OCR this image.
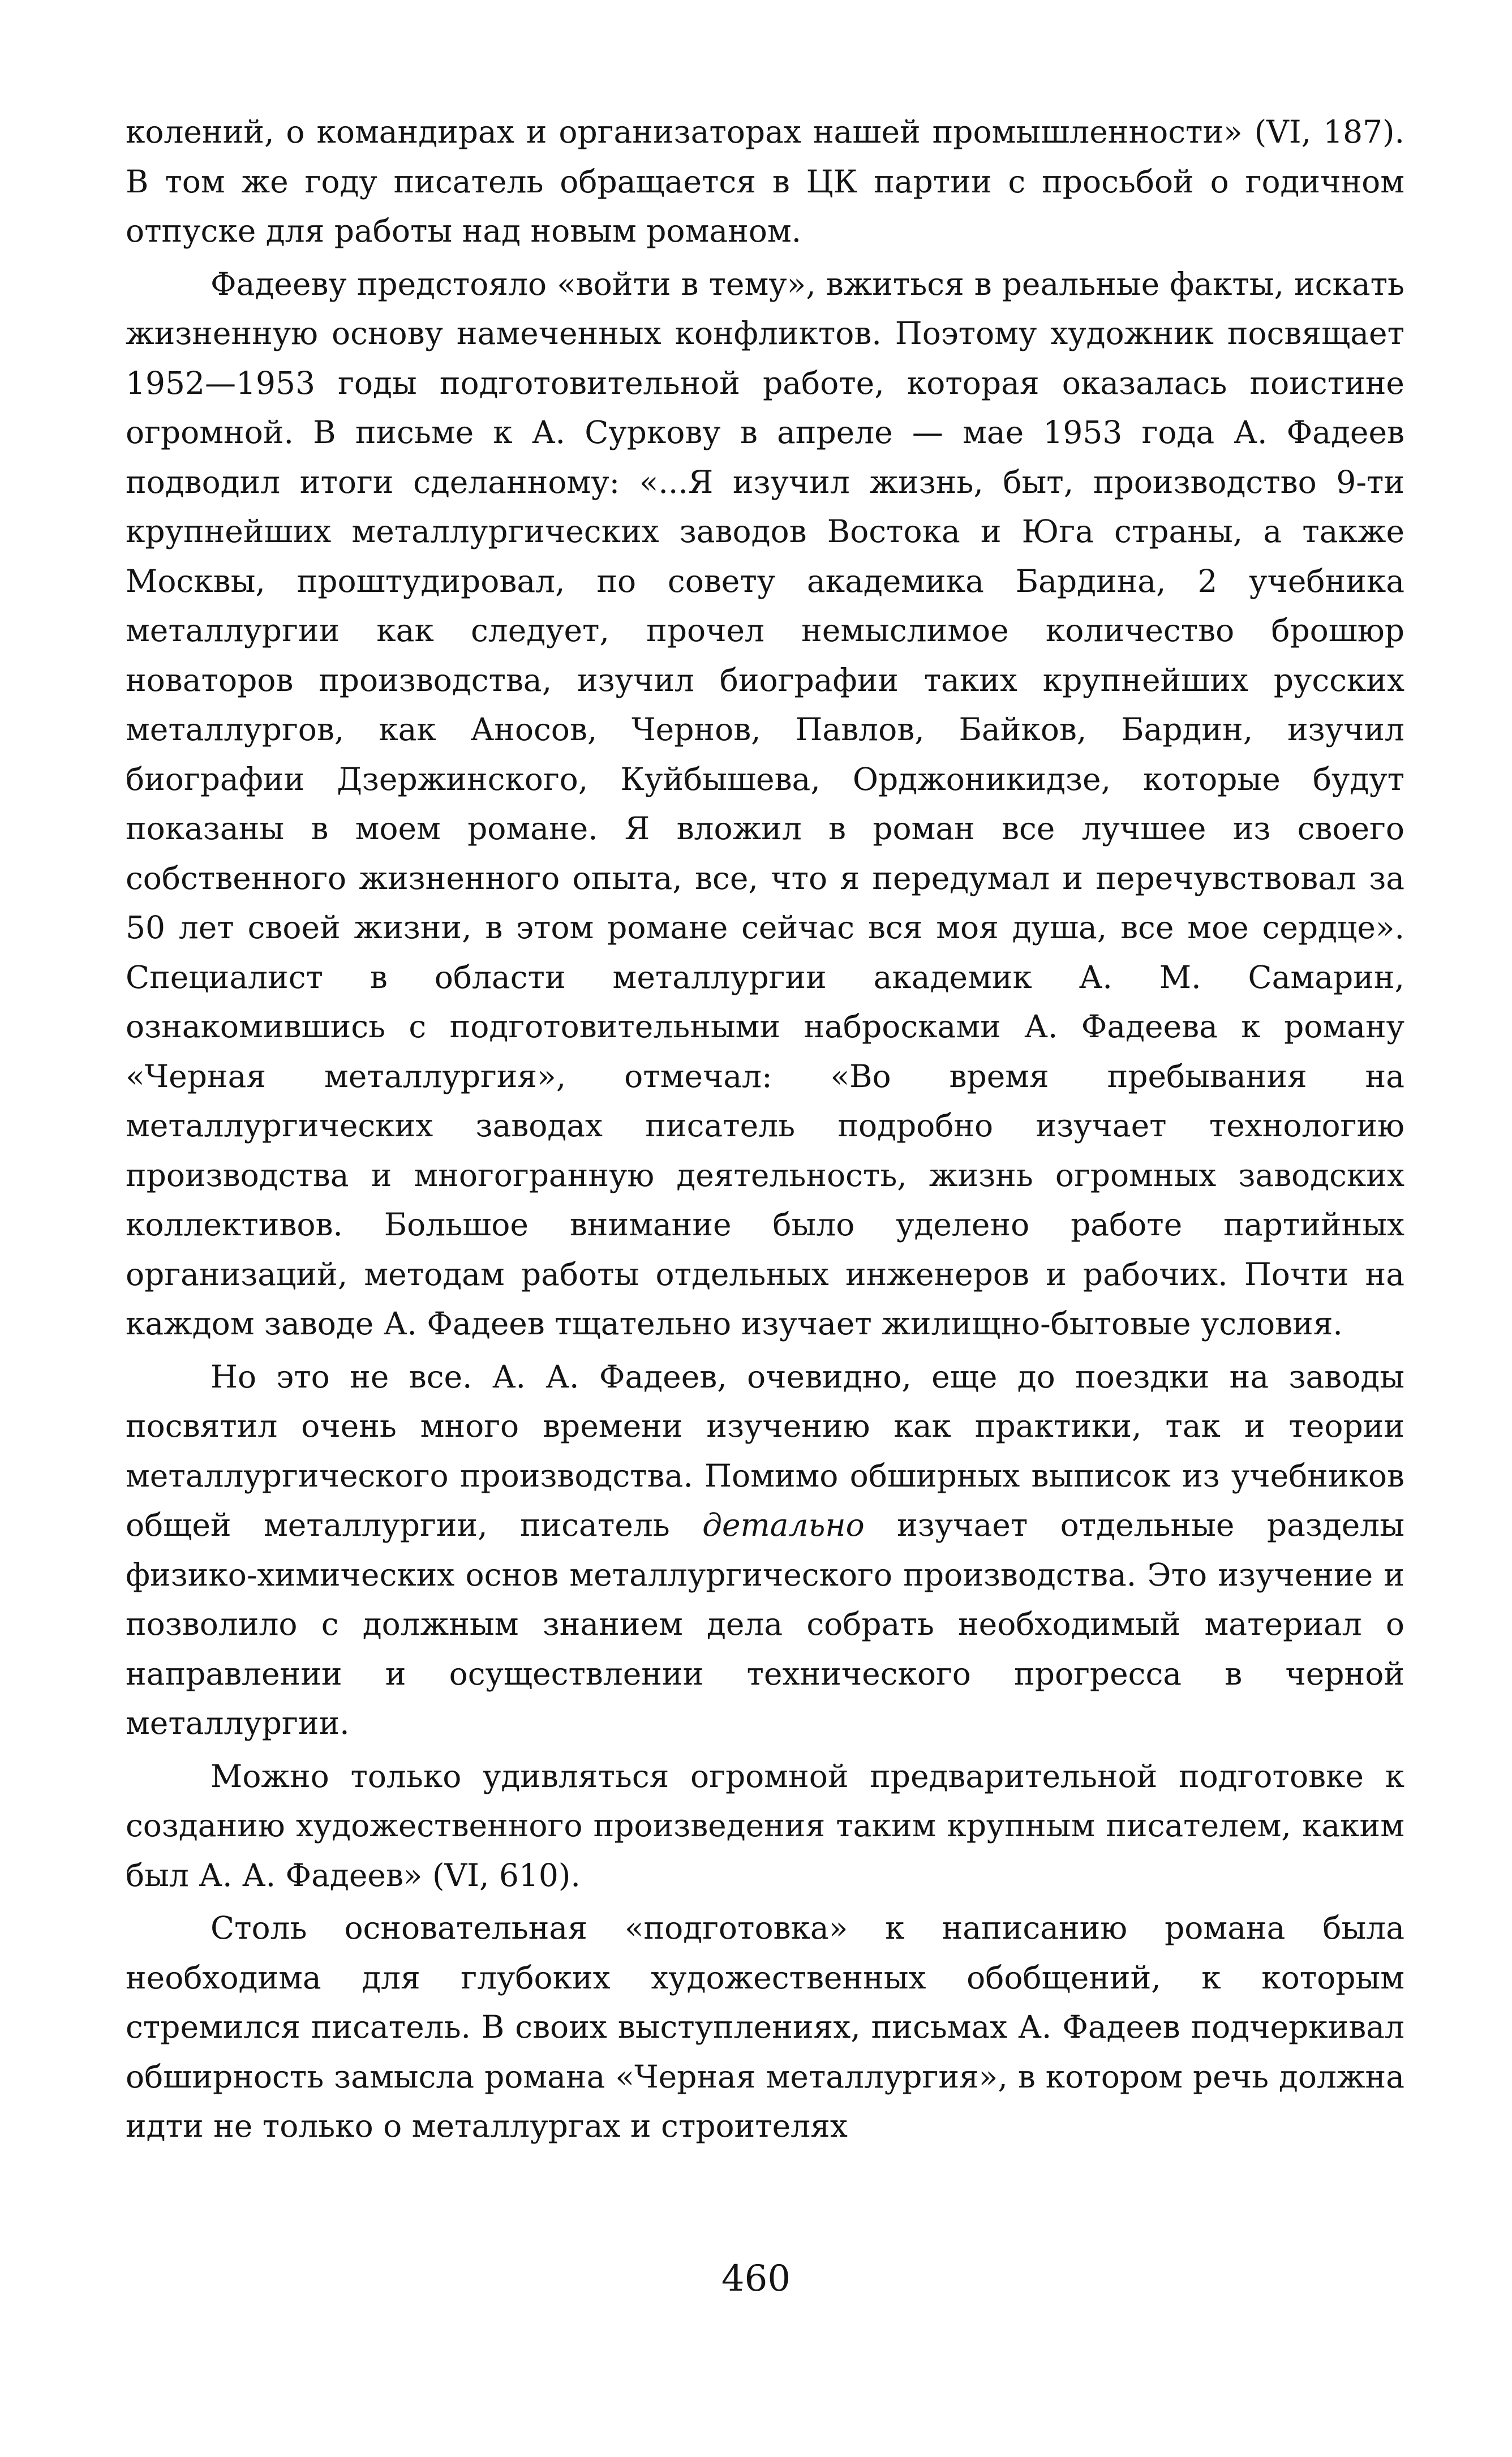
колений, о командирах и организаторах нашей промышленности» (VI, 187). В том же году писатель обращается в ЦК партии с просьбой о годичном отпуске для работы над новым романом.

Фадееву предстояло «войти в тему», вжиться в реальные факты, искать жизненную основу намеченных конфликтов. Поэтому художник посвящает 1952—1953 годы подготовительной работе, которая оказалась поистине огромной. В письме к А. Суркову в апреле — мае 1953 года А. Фадеев подводил итоги сделанному: «...Я изучил жизнь, быт, производство 9-ти крупнейших металлургических заводов Востока и Юга страны, а также Москвы, проштудировал, по совету академика Бардина, 2 учебника металлургии как следует, прочел немыслимое количество брошюр новаторов производства, изучил биографии таких крупнейших русских металлургов, как Аносов, Чернов, Павлов, Байков, Бардин, изучил биографии Дзержинского, Куйбышева, Орджоникидзе, которые будут показаны в моем романе. Я вложил в роман все лучшее из своего собственного жизненного опыта, все, что я передумал и перечувствовал за 50 лет своей жизни, в этом романе сейчас вся моя душа, все мое сердце». Специалист в области металлургии академик А. М. Самарин, ознакомившись с подготовительными набросками А. Фадеева к роману «Черная металлургия», отмечал: «Во время пребывания на металлургических заводах писатель подробно изучает технологию производства и многогранную деятельность, жизнь огромных заводских коллективов. Большое внимание было уделено работе партийных организаций, методам работы отдельных инженеров и рабочих. Почти на каждом заводе А. Фадеев тщательно изучает жилищно-бытовые условия.

Но это не все. А. А. Фадеев, очевидно, еще до поездки на заводы посвятил очень много времени изучению как практики, так и теории металлургического производства. Помимо обширных выписок из учебников общей металлургии, писатель детально изучает отдельные разделы физико-химических основ металлургического производства. Это изучение и позволило с должным знанием дела собрать необходимый материал о направлении и осуществлении технического прогресса в черной металлургии.

Можно только удивляться огромной предварительной подготовке к созданию художественного произведения таким крупным писателем, каким был А. А. Фадеев» (VI, 610).

Столь основательная «подготовка» к написанию романа была необходима для глубоких художественных обобщений, к которым стремился писатель. В своих выступлениях, письмах А. Фадеев подчеркивал обширность замысла романа «Черная металлургия», в котором речь должна идти не только о металлургах и строителях

460
